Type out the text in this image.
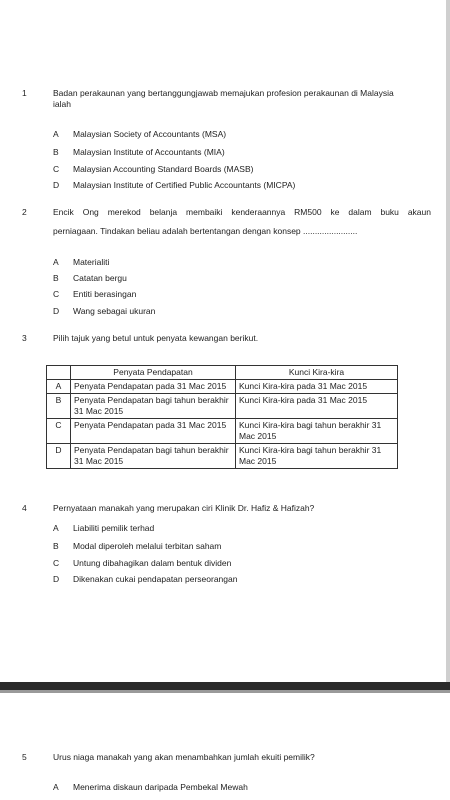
1	Badan perakaunan yang bertanggungjawab memajukan profesion perakaunan di Malaysia
ialah
A Malaysian Society of Accountants (MSA)
B Malaysian Institute of Accountants (MIA)
C Malaysian Accounting Standard Boards (MASB)
D Malaysian Institute of Certified Public Accountants (MICPA)
2	Encik Ong merekod belanja membaiki kenderaannya RM500 ke dalam buku akaun
perniagaan. Tindakan beliau adalah bertentangan dengan konsep .......................
A Materialiti
B Catatan bergu
C Entiti berasingan
D Wang sebagai ukuran
3	Pilih tajuk yang betul untuk penyata kewangan berikut.
	Penyata Pendapatan	Kunci Kira-kira
A	Penyata Pendapatan pada 31 Mac 2015	Kunci Kira-kira pada 31 Mac 2015
B	Penyata Pendapatan bagi tahun berakhir 31 Mac 2015	Kunci Kira-kira pada 31 Mac 2015
C	Penyata Pendapatan pada 31 Mac 2015	Kunci Kira-kira bagi tahun berakhir 31 Mac 2015
D	Penyata Pendapatan bagi tahun berakhir 31 Mac 2015	Kunci Kira-kira bagi tahun berakhir 31 Mac 2015
4	Pernyataan manakah yang merupakan ciri Klinik Dr. Hafiz & Hafizah?
A Liabiliti pemilik terhad
B Modal diperoleh melalui terbitan saham
C Untung dibahagikan dalam bentuk dividen
D Dikenakan cukai pendapatan perseorangan
5	Urus niaga manakah yang akan menambahkan jumlah ekuiti pemilik?
A Menerima diskaun daripada Pembekal Mewah
